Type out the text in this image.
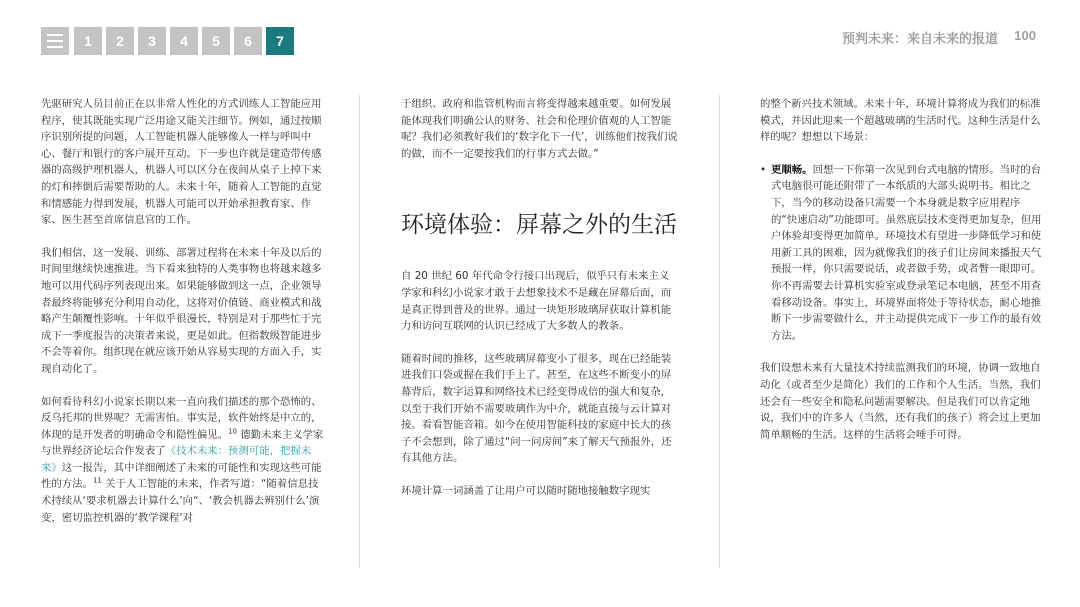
1	2	3	4	5	6	7	预判未来：来自未来的报道 100

先驱研究人员目前正在以非常人性化的方式训练人工智能应用程序，使其既能实现广泛用途又能关注细节。例如，通过按顺序识别所提的问题，人工智能机器人能够像人一样与呼叫中心、餐厅和银行的客户展开互动。下一步也许就是建造带传感器的高级护理机器人，机器人可以区分在夜间从桌子上掉下来的灯和摔倒后需要帮助的人。未来十年，随着人工智能的直觉和情感能力得到发展，机器人可能可以开始承担教育家、作家、医生甚至首席信息官的工作。

我们相信，这一发展、训练、部署过程将在未来十年及以后的时间里继续快速推进。当下看来独特的人类事物也将越来越多地可以用代码序列表现出来。如果能够做到这一点，企业领导者最终将能够充分利用自动化，这将对价值链、商业模式和战略产生颠覆性影响。十年似乎很漫长，特别是对于那些忙于完成下一季度报告的决策者来说，更是如此。但指数级智能进步不会等着你。组织现在就应该开始从容易实现的方面入手，实现自动化了。

如何看待科幻小说家长期以来一直向我们描述的那个恐怖的、反乌托邦的世界呢？无需害怕。事实是，软件始终是中立的，体现的是开发者的明确命令和隐性偏见。$^{10}$ 德勤未来主义学家与世界经济论坛合作发表了《技术未来：预测可能，把握未来》这一报告，其中详细阐述了未来的可能性和实现这些可能性的方法。$^{11}$ 关于人工智能的未来，作者写道：“随着信息技术持续从‘要求机器去计算什么’向“、‘教会机器去辨别什么’演变，密切监控机器的‘教学课程’对

于组织、政府和监管机构而言将变得越来越重要。如何发展能体现我们明确公认的财务、社会和伦理价值观的人工智能呢？我们必须教好我们的‘数字化下一代’，训练他们按我们说的做，而不一定要按我们的行事方式去做。”

环境体验：屏幕之外的生活

自 20 世纪 60 年代命令行接口出现后，似乎只有未来主义学家和科幻小说家才敢于去想象技术不是藏在屏幕后面，而是真正得到普及的世界。通过一块矩形玻璃屏获取计算机能力和访问互联网的认识已经成了大多数人的教条。

随着时间的推移，这些玻璃屏幕变小了很多，现在已经能装进我们口袋或握在我们手上了。甚至，在这些不断变小的屏幕背后，数字运算和网络技术已经变得成倍的强大和复杂，以至于我们开始不需要玻璃作为中介，就能直接与云计算对接。看看智能音箱。如今在使用智能科技的家庭中长大的孩子不会想到，除了通过“问一问房间”来了解天气预报外，还有其他方法。

环境计算一词涵盖了让用户可以随时随地接触数字现实

的整个新兴技术领域。未来十年，环境计算将成为我们的标准模式，并因此迎来一个超越玻璃的生活时代。这种生活是什么样的呢？想想以下场景：

• 更顺畅。回想一下你第一次见到台式电脑的情形。当时的台式电脑很可能还附带了一本纸质的大部头说明书。相比之下，当今的移动设备只需要一个本身就是数字应用程序的“快速启动”功能即可。虽然底层技术变得更加复杂，但用户体验却变得更加简单。环境技术有望进一步降低学习和使用新工具的困难，因为就像我们的孩子们让房间来播报天气预报一样，你只需要说话，或者做手势，或者瞥一眼即可。你不再需要去计算机实验室或登录笔记本电脑，甚至不用查看移动设备。事实上，环境界面将处于等待状态，耐心地推断下一步需要做什么，并主动提供完成下一步工作的最有效方法。

我们设想未来有大量技术持续监测我们的环境，协调一致地自动化（或者至少是简化）我们的工作和个人生活。当然，我们还会有一些安全和隐私问题需要解决。但是我们可以肯定地说，我们中的许多人（当然，还有我们的孩子）将会过上更加简单顺畅的生活。这样的生活将会唾手可得。
